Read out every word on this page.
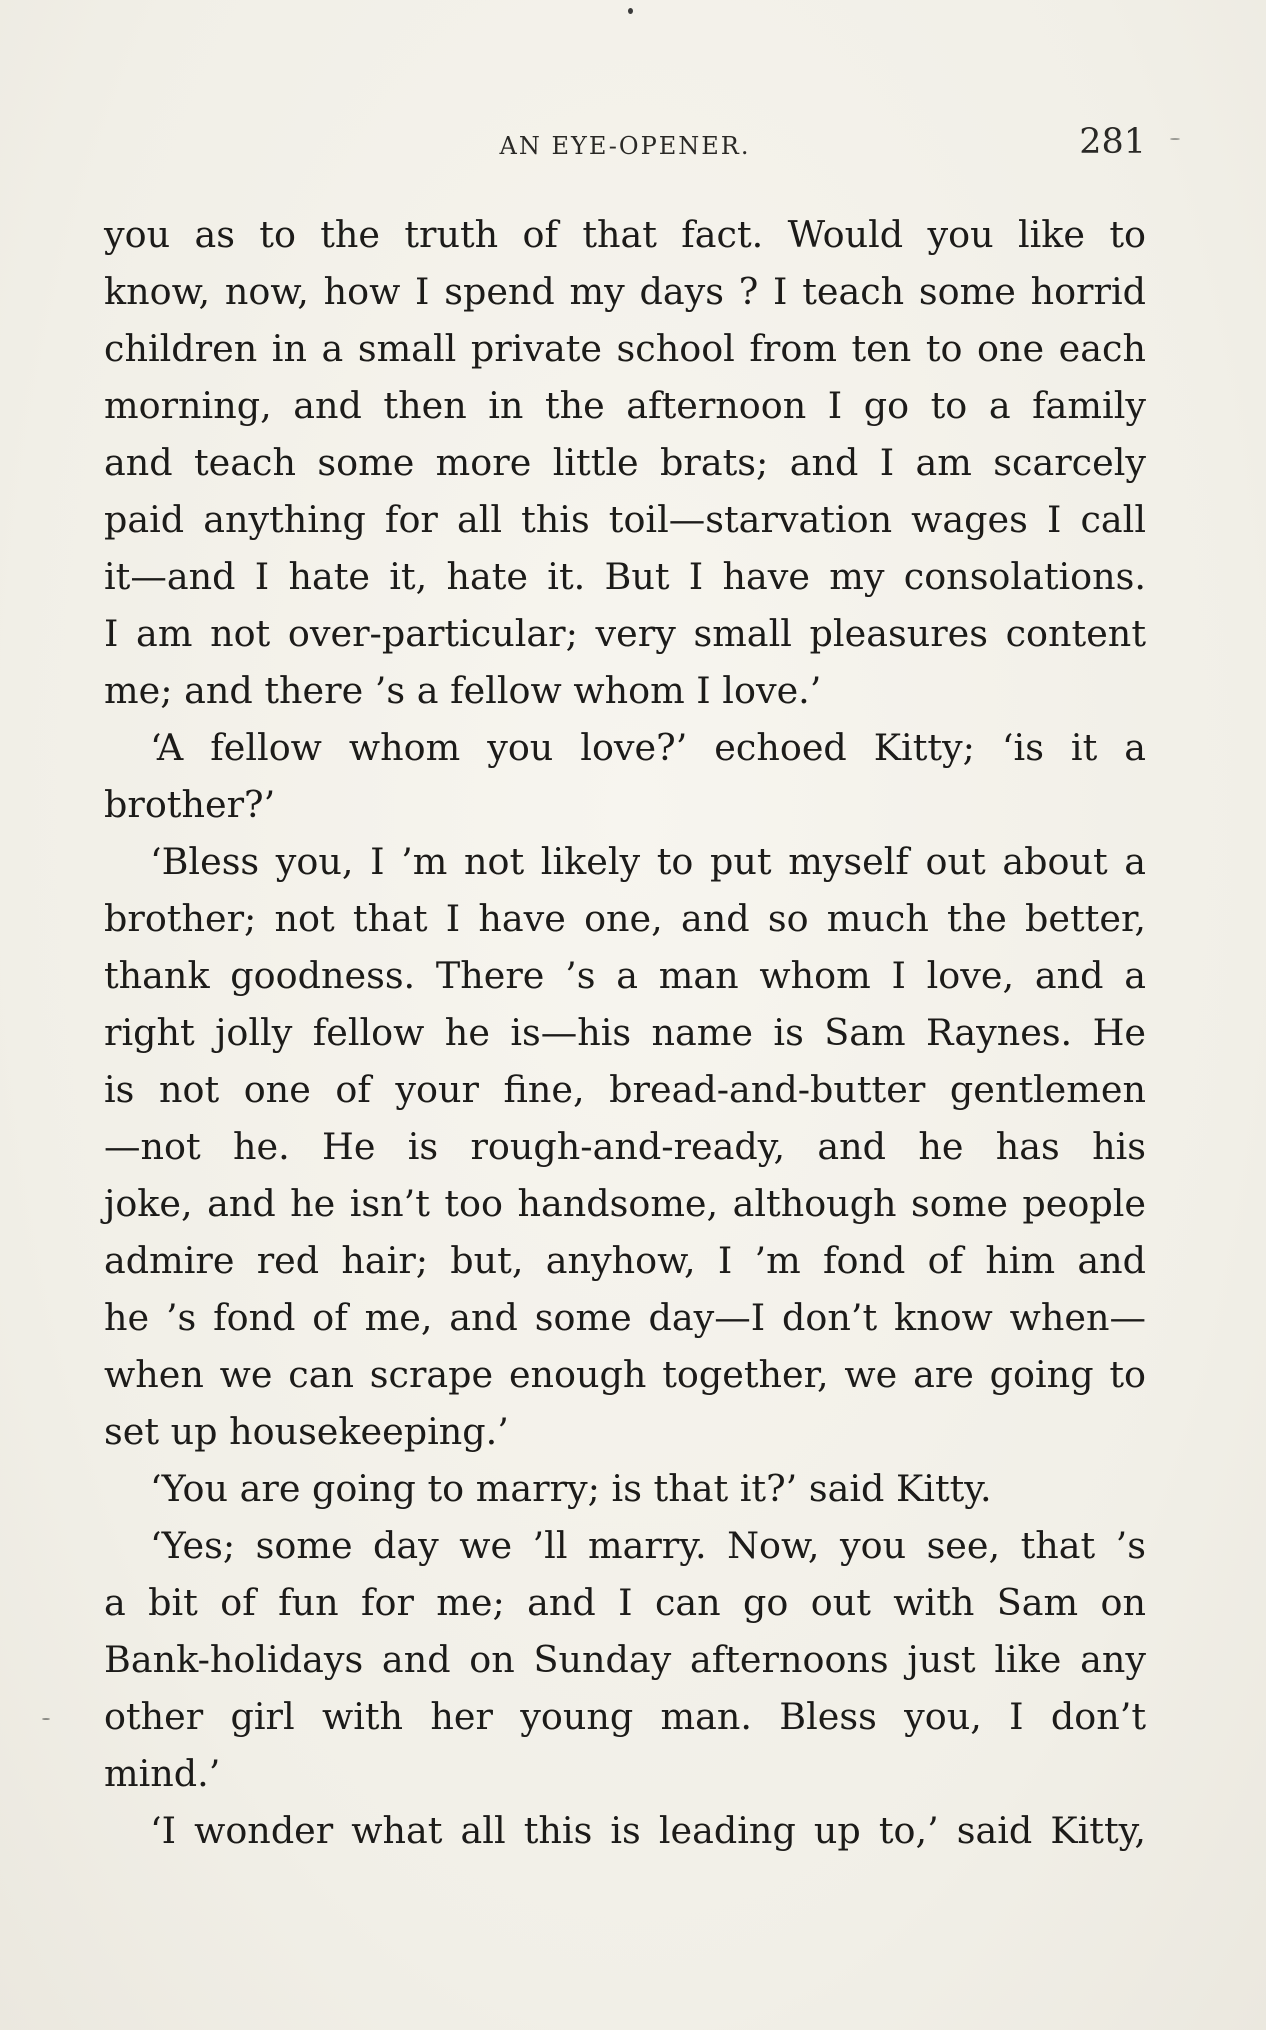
AN EYE-OPENER.	281
you as to the truth of that fact. Would you like to
know, now, how I spend my days ? I teach some horrid
children in a small private school from ten to one each
morning, and then in the afternoon I go to a family
and teach some more little brats; and I am scarcely
paid anything for all this toil—starvation wages I call
it—and I hate it, hate it. But I have my consolations.
I am not over-particular; very small pleasures content
me; and there ’s a fellow whom I love.’
‘A fellow whom you love?’ echoed Kitty; ‘is it a
brother?’
‘Bless you, I ’m not likely to put myself out about a
brother; not that I have one, and so much the better,
thank goodness. There ’s a man whom I love, and a
right jolly fellow he is—his name is Sam Raynes. He
is not one of your fine, bread-and-butter gentlemen
—not he. He is rough-and-ready, and he has his
joke, and he isn’t too handsome, although some people
admire red hair; but, anyhow, I ’m fond of him and
he ’s fond of me, and some day—I don’t know when—
when we can scrape enough together, we are going to
set up housekeeping.’
‘You are going to marry; is that it?’ said Kitty.
‘Yes; some day we ’ll marry. Now, you see, that ’s
a bit of fun for me; and I can go out with Sam on
Bank-holidays and on Sunday afternoons just like any
other girl with her young man. Bless you, I don’t
mind.’
‘I wonder what all this is leading up to,’ said Kitty,
